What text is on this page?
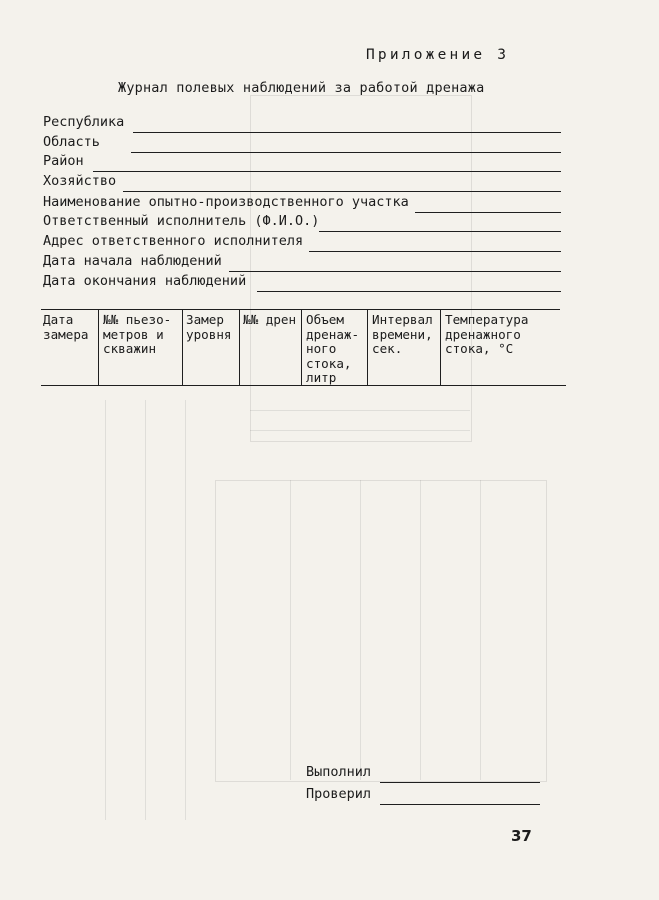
Приложение 3
Журнал полевых наблюдений за работой дренажа
Республика
Область
Район
Хозяйство
Наименование опытно-производственного участка
Ответственный исполнитель (Ф.И.О.)
Адрес ответственного исполнителя
Дата начала наблюдений
Дата окончания наблюдений
Дата
замера
№№ пьезо-
метров и
скважин
Замер
уровня
№№ дрен Объем
дренаж-
ного
стока,
литр
Интервал
времени,
сек.
Температура
дренажного
стока, °С
Выполнил
Проверил
37
